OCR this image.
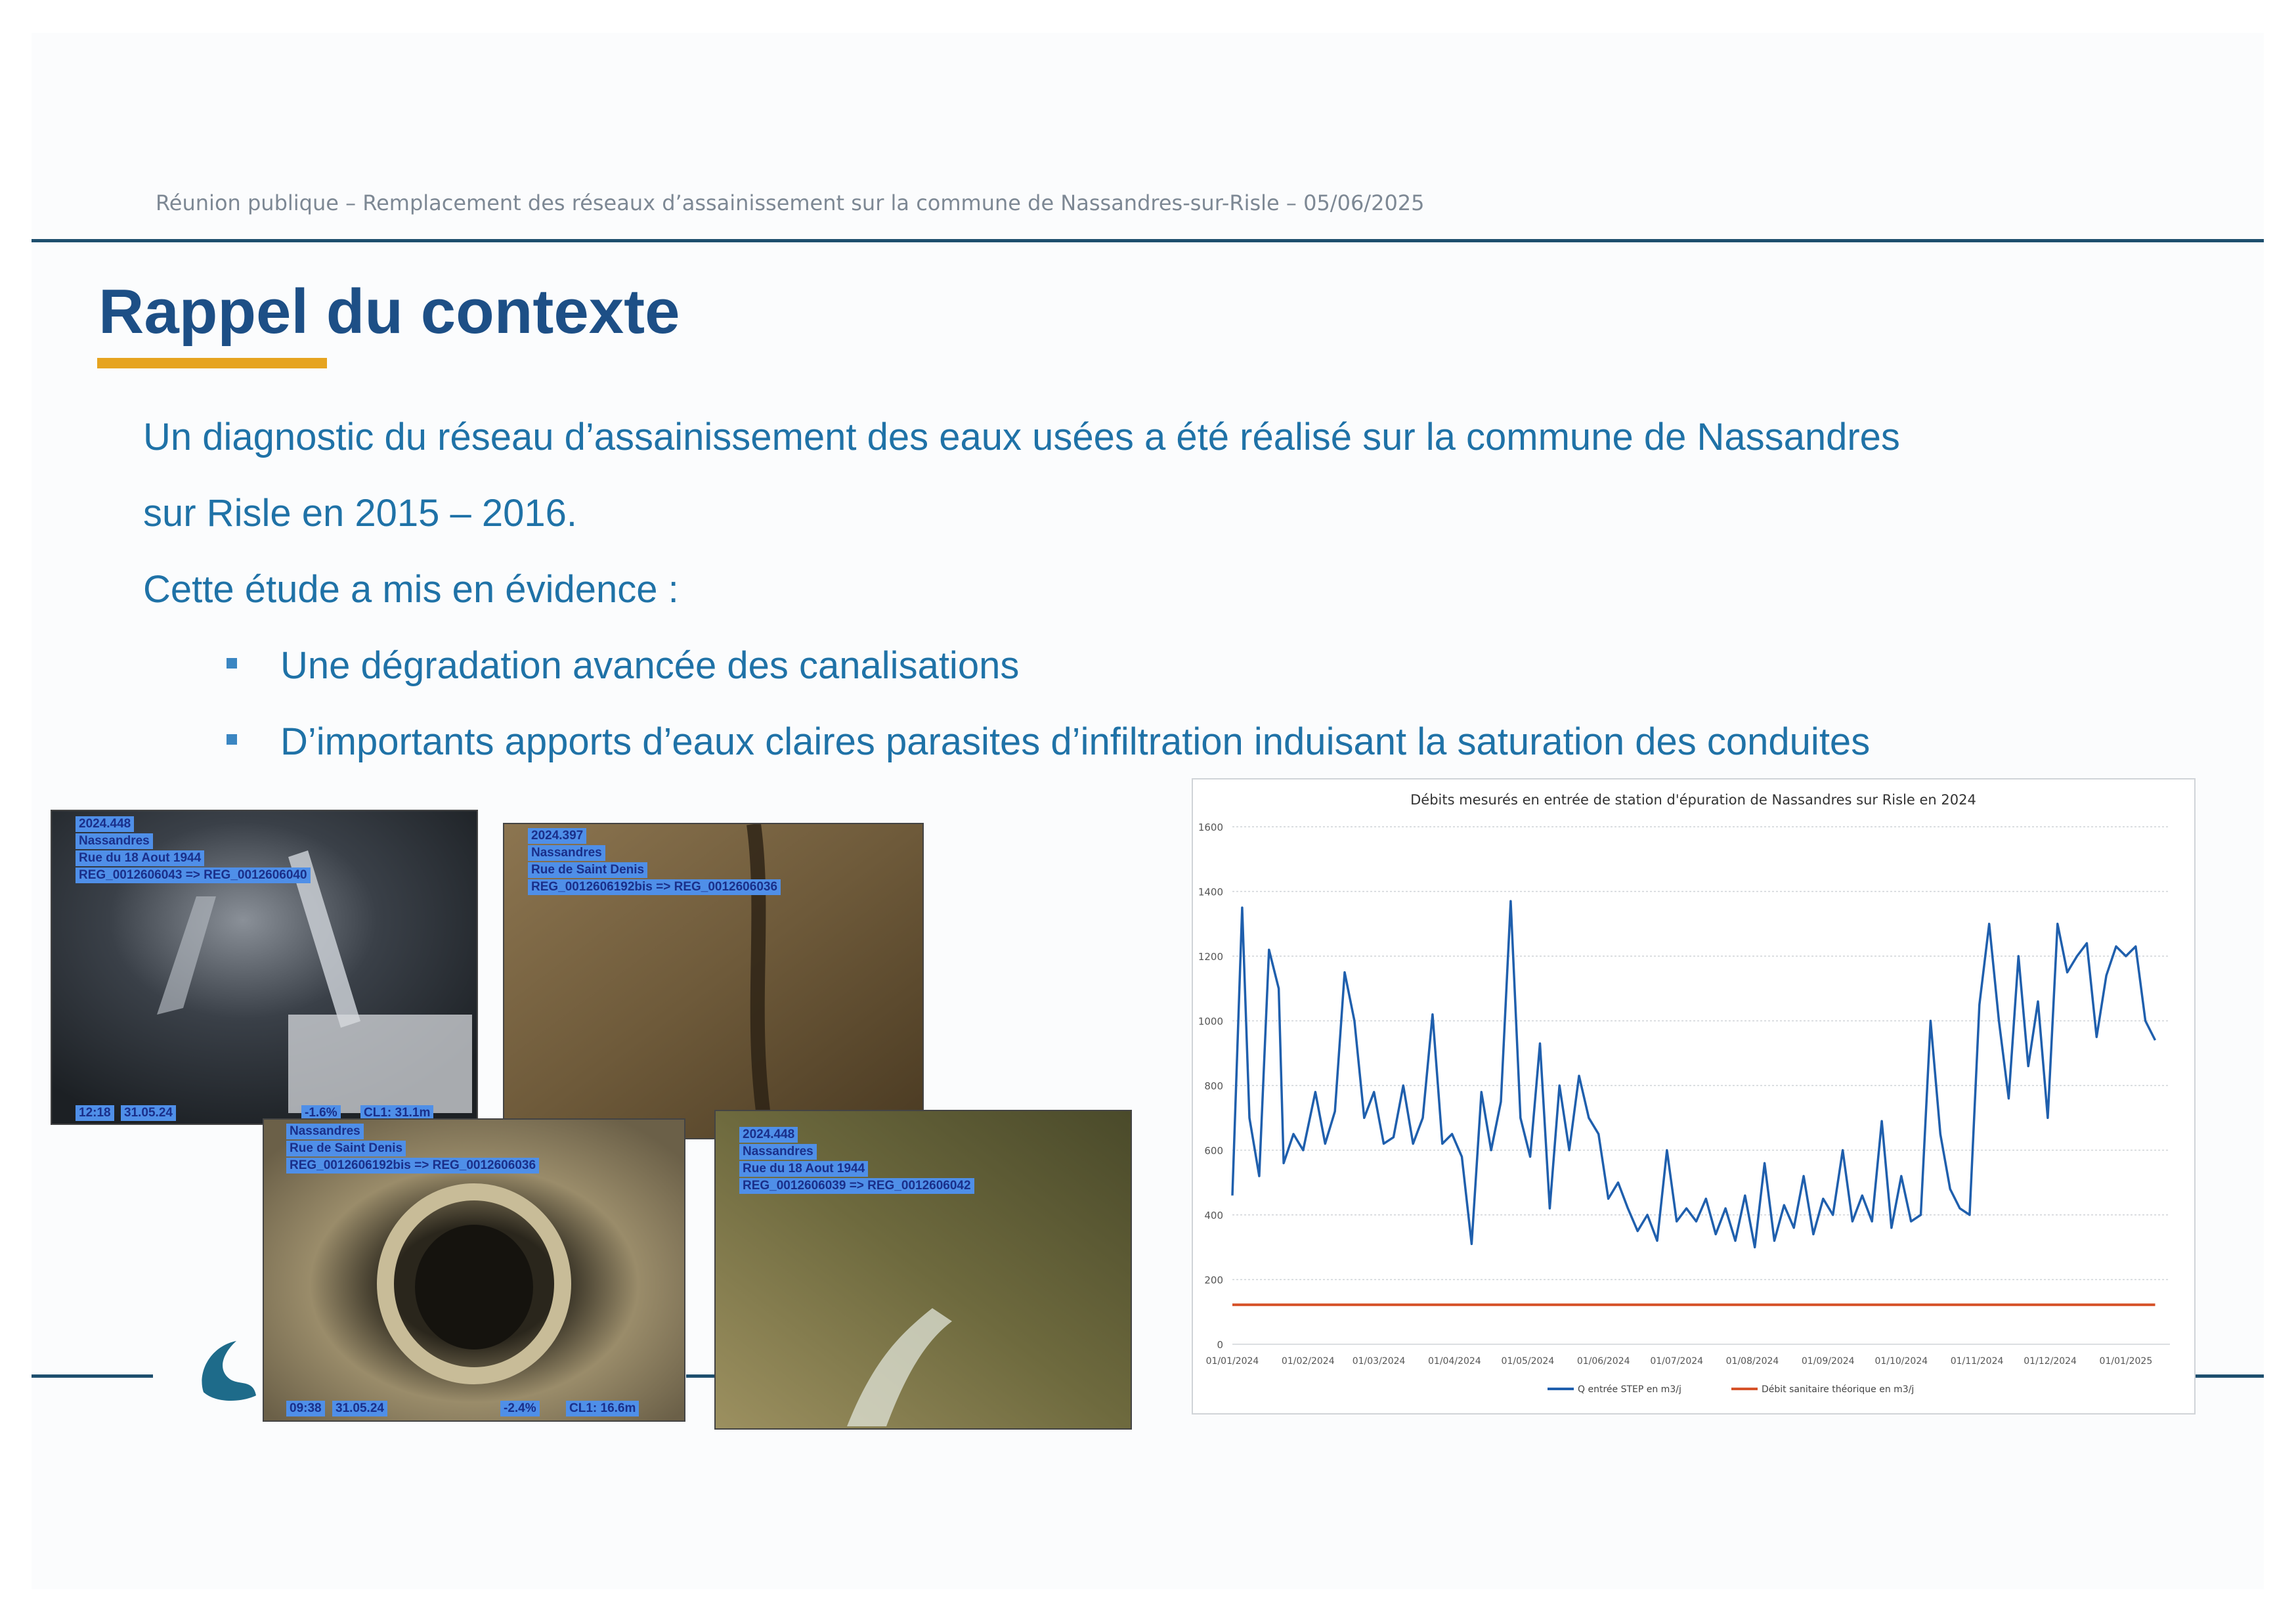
Réunion publique – Remplacement des réseaux d’assainissement sur la commune de Nassandres-sur-Risle – 05/06/2025
Rappel du contexte
Un diagnostic du réseau d’assainissement des eaux usées a été réalisé sur la commune de Nassandres
sur Risle en 2015 – 2016.
Cette étude a mis en évidence :
Une dégradation avancée des canalisations
D’importants apports d’eaux claires parasites d’infiltration induisant la saturation des conduites
2024.448
Nassandres
Rue du 18 Aout 1944
REG_0012606043 => REG_0012606040
12:18 31.05.24	-1.6% CL1: 31.1m
2024.397
Nassandres
Rue de Saint Denis
REG_0012606192bis => REG_0012606036
Nassandres
Rue de Saint Denis
REG_0012606192bis => REG_0012606036
09:38 31.05.24	-2.4%	CL1: 16.6m
2024.448
Nassandres
Rue du 18 Aout 1944
REG_0012606039 => REG_0012606042
Débits mesurés en entrée de station d'épuration de Nassandres sur Risle en 2024
0
200
400
600
800
1000
1200
1400
1600
01/01/2024 01/02/2024 01/03/2024 01/04/2024 01/05/2024 01/06/2024 01/07/2024 01/08/2024 01/09/2024 01/10/2024 01/11/2024 01/12/2024 01/01/2025
Q entrée STEP en m3/j	Débit sanitaire théorique en m3/j
